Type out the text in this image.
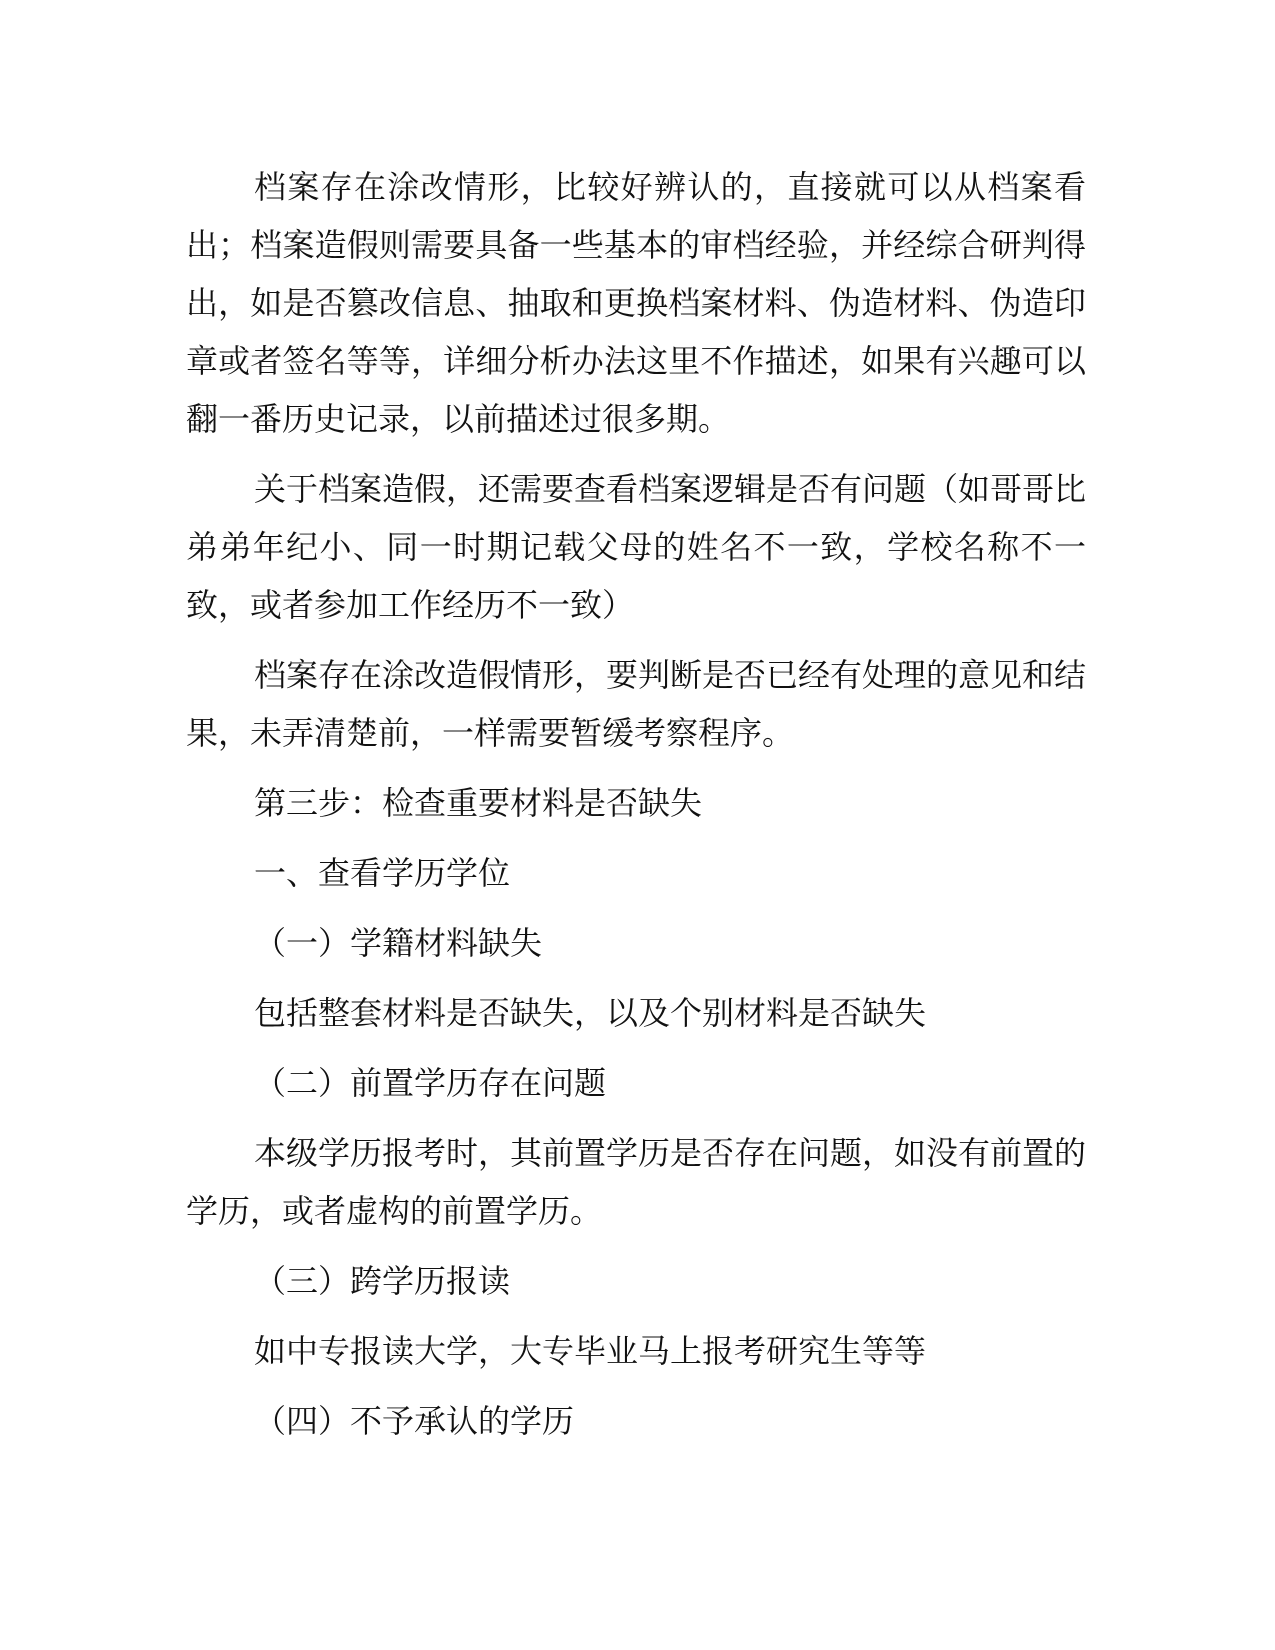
档案存在涂改情形，比较好辨认的，直接就可以从档案看出；档案造假则需要具备一些基本的审档经验，并经综合研判得出，如是否篡改信息、抽取和更换档案材料、伪造材料、伪造印章或者签名等等，详细分析办法这里不作描述，如果有兴趣可以翻一番历史记录，以前描述过很多期。

关于档案造假，还需要查看档案逻辑是否有问题（如哥哥比弟弟年纪小、同一时期记载父母的姓名不一致，学校名称不一致，或者参加工作经历不一致）

档案存在涂改造假情形，要判断是否已经有处理的意见和结果，未弄清楚前，一样需要暂缓考察程序。

第三步：检查重要材料是否缺失

一、查看学历学位

（一）学籍材料缺失

包括整套材料是否缺失，以及个别材料是否缺失

（二）前置学历存在问题

本级学历报考时，其前置学历是否存在问题，如没有前置的学历，或者虚构的前置学历。

（三）跨学历报读

如中专报读大学，大专毕业马上报考研究生等等

（四）不予承认的学历
